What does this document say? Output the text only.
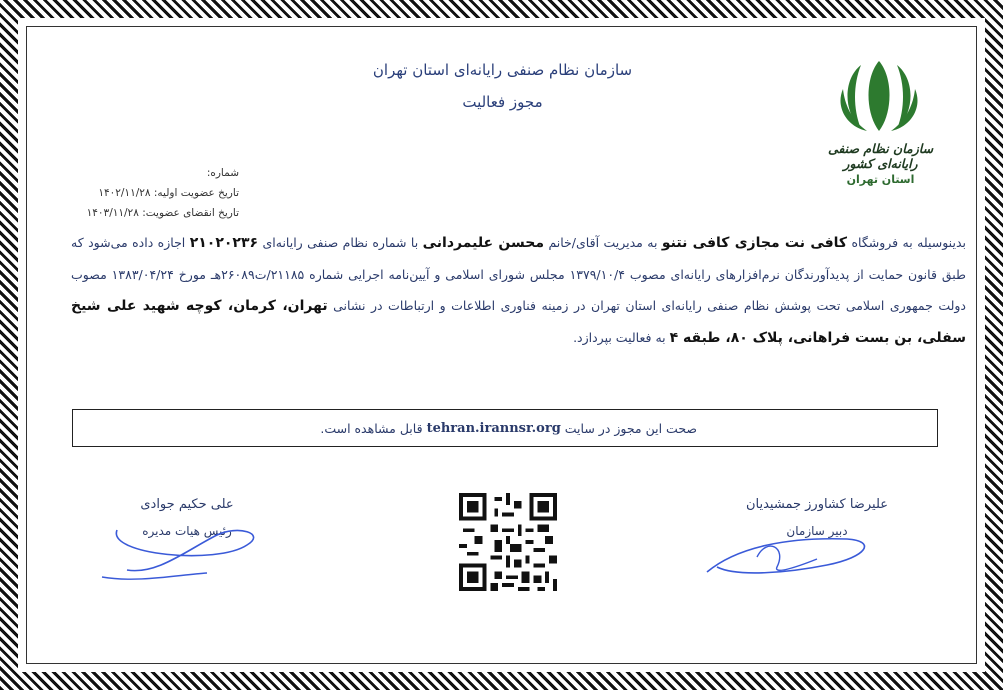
سازمان نظام صنفی رایانه‌ای استان تهران
مجوز فعالیت
سازمان نظام صنفی رایانه‌ای کشور
استان تهران
شماره:
تاریخ عضویت اولیه: ۱۴۰۲/۱۱/۲۸
تاریخ انقضای عضویت: ۱۴۰۳/۱۱/۲۸
بدینوسیله به فروشگاه کافی نت مجازی کافی نتنو به مدیریت آقای/خانم محسن علیمردانی با شماره نظام صنفی رایانه‌ای ۲۱۰۲۰۲۳۶ اجازه داده می‌شود که طبق قانون حمایت از پدیدآورندگان نرم‌افزارهای رایانه‌ای مصوب ۱۳۷۹/۱۰/۴ مجلس شورای اسلامی و آیین‌نامه اجرایی شماره ۲۱۱۸۵/ت۲۶۰۸۹هـ مورخ ۱۳۸۳/۰۴/۲۴ مصوب دولت جمهوری اسلامی تحت پوشش نظام صنفی رایانه‌ای استان تهران در زمینه فناوری اطلاعات و ارتباطات در نشانی تهران، کرمان، کوچه شهید علی شیخ سفلی، بن بست فراهانی، پلاک ۸۰، طبقه ۴ به فعالیت بپردازد.
صحت این مجوز در سایت
tehran.irannsr.org
قابل مشاهده است.
علی حکیم جوادی
رئیس هیات مدیره
علیرضا کشاورز جمشیدیان
دبیر سازمان
